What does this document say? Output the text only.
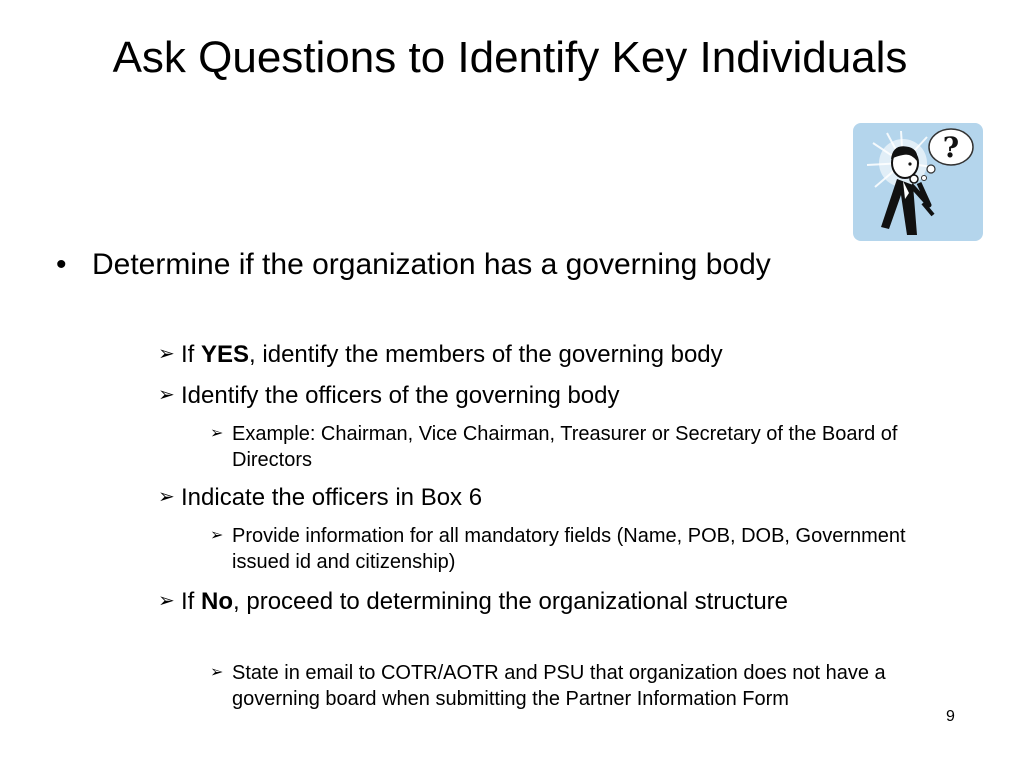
Ask Questions to Identify Key Individuals
?
• Determine if the organization has a governing body
➢ If YES, identify the members of the governing body
➢ Identify the officers of the governing body
➢ Example: Chairman, Vice Chairman, Treasurer or Secretary of the Board of Directors
➢ Indicate the officers in Box 6
➢ Provide information for all mandatory fields (Name, POB, DOB, Government issued id and citizenship)
➢ If No, proceed to determining the organizational structure
➢ State in email to COTR/AOTR and PSU that organization does not have a governing board when submitting the Partner Information Form
9
